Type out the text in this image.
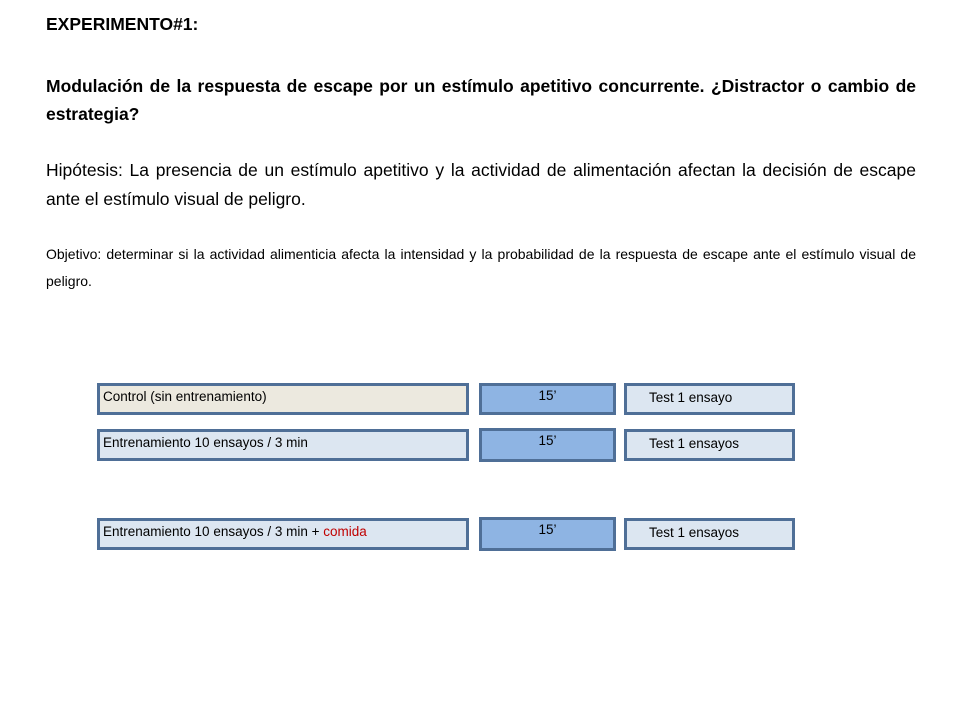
EXPERIMENTO#1:

Modulación de la respuesta de escape por un estímulo apetitivo concurrente. ¿Distractor o cambio de estrategia?

Hipótesis: La presencia de un estímulo apetitivo y la actividad de alimentación afectan la decisión de escape ante el estímulo visual de peligro.

Objetivo: determinar si la actividad alimenticia afecta la intensidad y la probabilidad de la respuesta de escape ante el estímulo visual de peligro.

Control (sin entrenamiento)	15’	Test 1 ensayo
Entrenamiento 10 ensayos / 3 min	15’	Test 1 ensayos
Entrenamiento 10 ensayos / 3 min + comida	15’	Test 1 ensayos
